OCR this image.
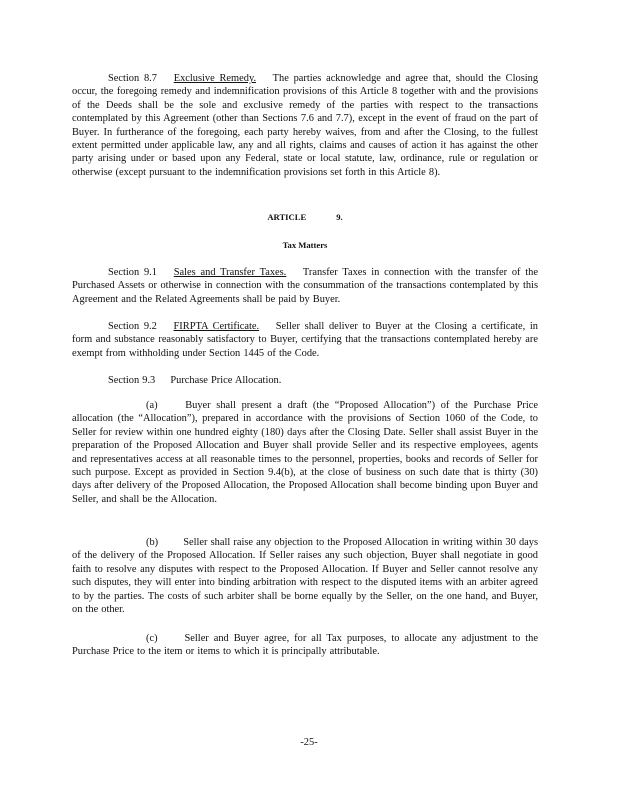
Section 8.7 Exclusive Remedy. The parties acknowledge and agree that, should the Closing occur, the foregoing remedy and indemnification provisions of this Article 8 together with and the provisions of the Deeds shall be the sole and exclusive remedy of the parties with respect to the transactions contemplated by this Agreement (other than Sections 7.6 and 7.7), except in the event of fraud on the part of Buyer. In furtherance of the foregoing, each party hereby waives, from and after the Closing, to the fullest extent permitted under applicable law, any and all rights, claims and causes of action it has against the other party arising under or based upon any Federal, state or local statute, law, ordinance, rule or regulation or otherwise (except pursuant to the indemnification provisions set forth in this Article 8).
ARTICLE	9.
Tax Matters
Section 9.1 Sales and Transfer Taxes. Transfer Taxes in connection with the transfer of the Purchased Assets or otherwise in connection with the consummation of the transactions contemplated by this Agreement and the Related Agreements shall be paid by Buyer.
Section 9.2 FIRPTA Certificate. Seller shall deliver to Buyer at the Closing a certificate, in form and substance reasonably satisfactory to Buyer, certifying that the transactions contemplated hereby are exempt from withholding under Section 1445 of the Code.
Section 9.3 Purchase Price Allocation.
(a)	Buyer shall present a draft (the “Proposed Allocation”) of the Purchase Price allocation (the “Allocation”), prepared in accordance with the provisions of Section 1060 of the Code, to Seller for review within one hundred eighty (180) days after the Closing Date. Seller shall assist Buyer in the preparation of the Proposed Allocation and Buyer shall provide Seller and its respective employees, agents and representatives access at all reasonable times to the personnel, properties, books and records of Seller for such purpose. Except as provided in Section 9.4(b), at the close of business on such date that is thirty (30) days after delivery of the Proposed Allocation, the Proposed Allocation shall become binding upon Buyer and Seller, and shall be the Allocation.
(b) Seller shall raise any objection to the Proposed Allocation in writing within 30 days of the delivery of the Proposed Allocation. If Seller raises any such objection, Buyer shall negotiate in good faith to resolve any disputes with respect to the Proposed Allocation. If Buyer and Seller cannot resolve any such disputes, they will enter into binding arbitration with respect to the disputed items with an arbiter agreed to by the parties. The costs of such arbiter shall be borne equally by the Seller, on the one hand, and Buyer, on the other.
(c)	Seller and Buyer agree, for all Tax purposes, to allocate any adjustment to the Purchase Price to the item or items to which it is principally attributable.
-25-
